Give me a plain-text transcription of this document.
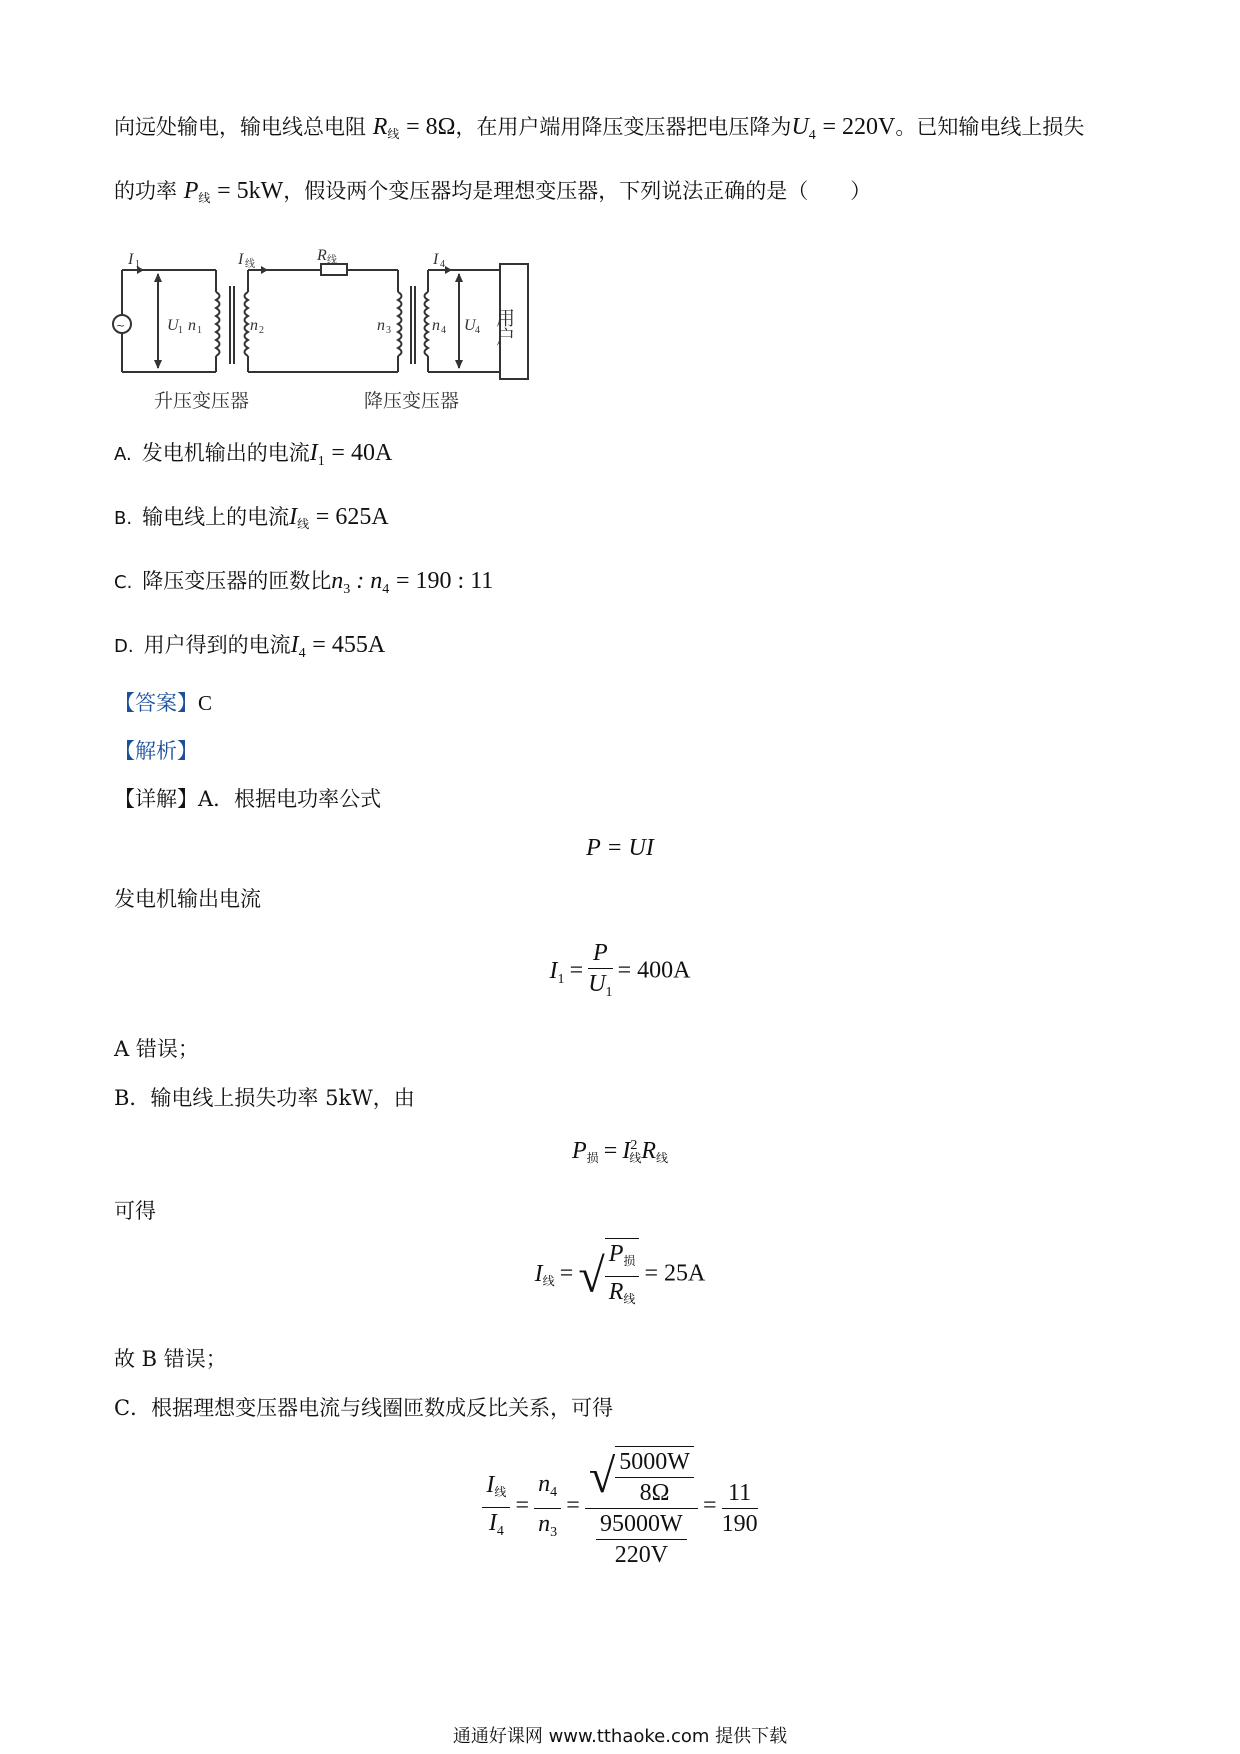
向远处输电，输电线总电阻 $R_线 = 8\Omega$，在用户端用降压变压器把电压降为$U_4 = 220V$。已知输电线上损失
的功率 $P_线 = 5kW$，假设两个变压器均是理想变压器，下列说法正确的是（　　）
~
I 1	I 线
R 线	I 4
U 1 n 1	n 2	n 3	n 4 U 4 用户
升压变压器	降压变压器
A. 发电机输出的电流$I_1 = 40A$
B. 输电线上的电流$I_线 = 625A$
C. 降压变压器的匝数比$n_3$ : $n_4 = 190$ : 11
D. 用户得到的电流$I_4 = 455A$
【答案】C
【解析】
【详解】A．根据电功率公式
P = UI
发电机输出电流
$I_1 = \frac{P}{U_1} = 400A$
A 错误；
B．输电线上损失功率 5kW，由
$P_损 = I^2_线R_线$
可得
$I_线$ = √ $\frac{P_损}{R_线} = 25A$
故 B 错误；
C．根据理想变压器电流与线圈匝数成反比关系，可得
$\frac{I_线}{I_4} = \frac{n_4}{n_3} = \frac{√ \frac{5000W}{8\Omega}}{\frac{95000W}{220V}} = \frac{11}{190}$
通通好课网 www.tthaoke.com 提供下载
